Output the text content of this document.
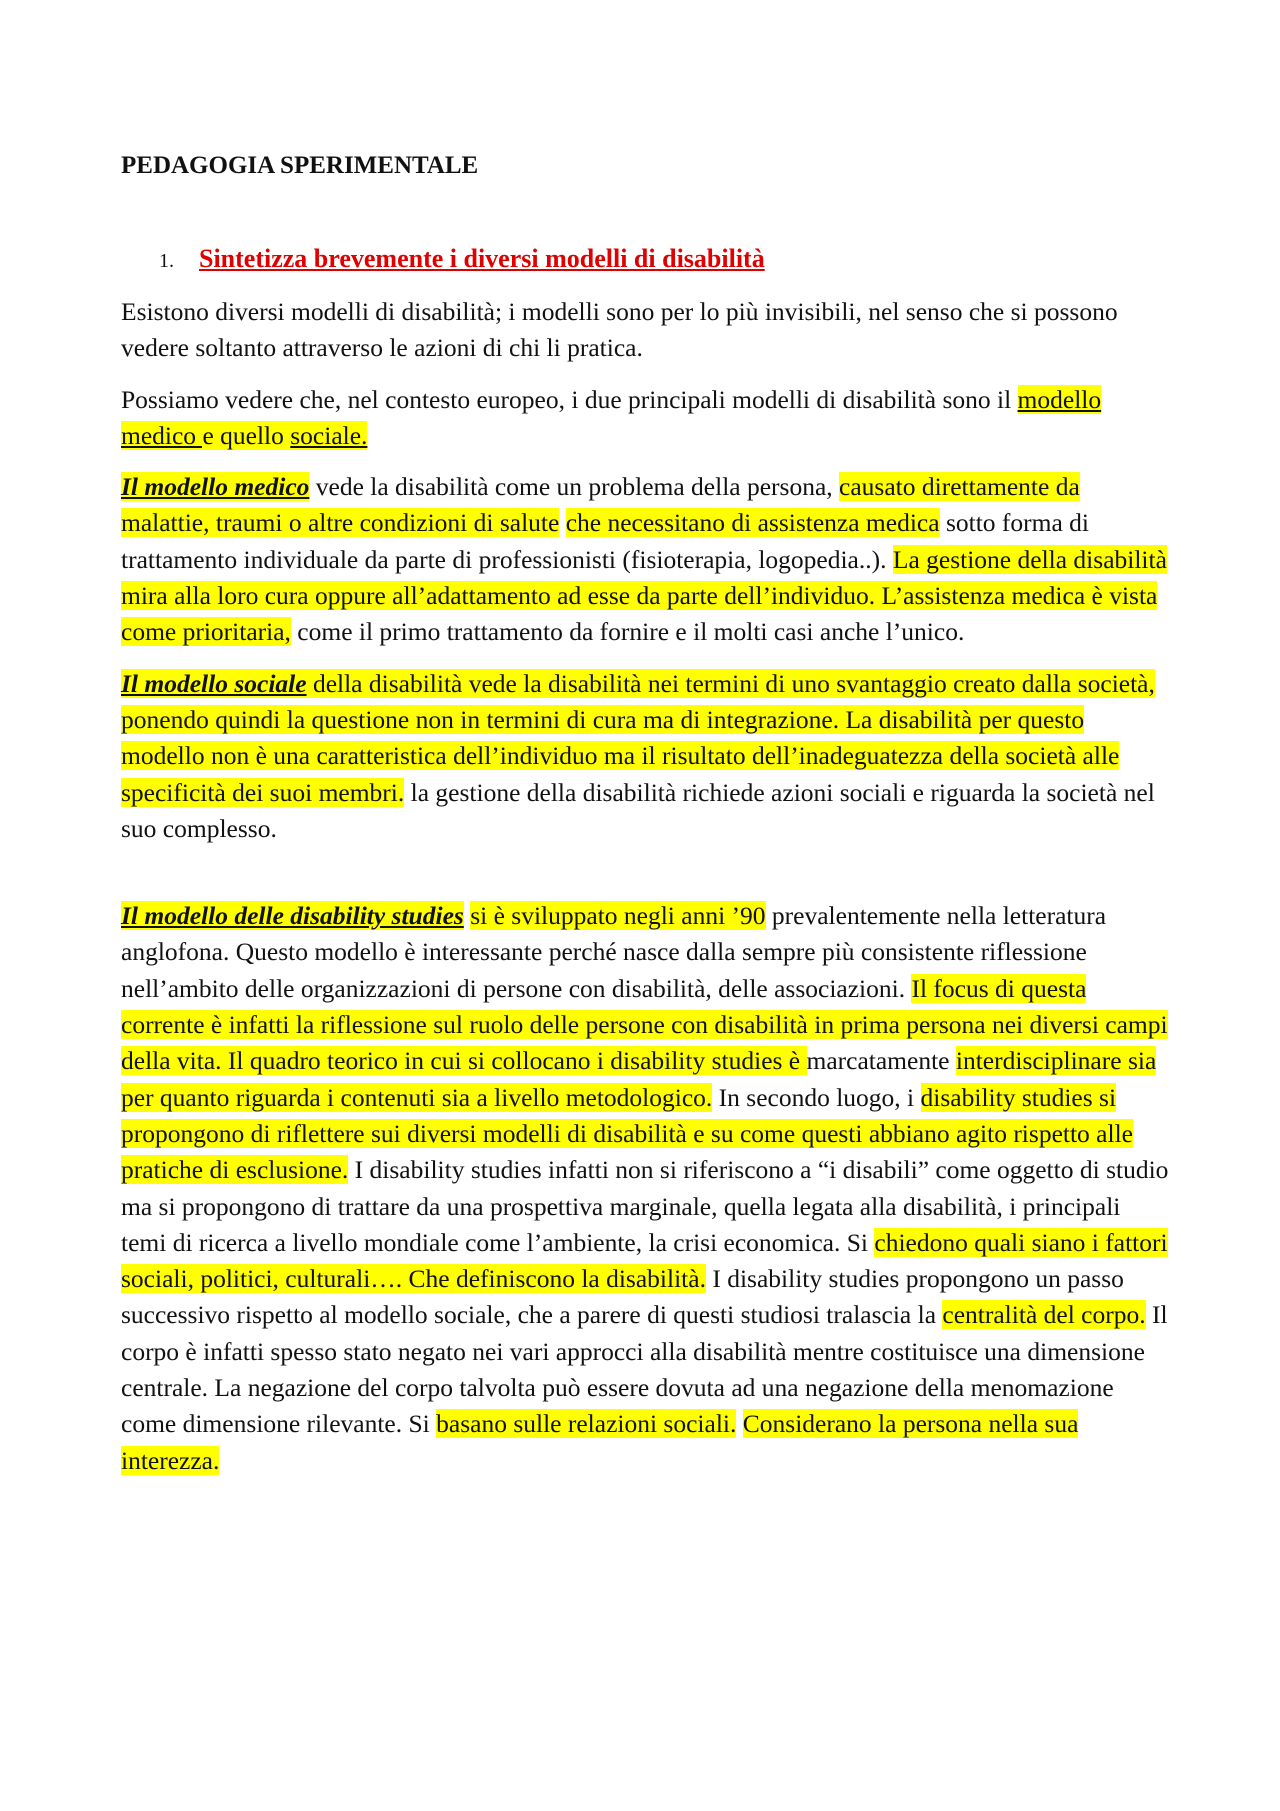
PEDAGOGIA SPERIMENTALE
1. Sintetizza brevemente i diversi modelli di disabilità

Esistono diversi modelli di disabilità; i modelli sono per lo più invisibili, nel senso che si possono vedere soltanto attraverso le azioni di chi li pratica.

Possiamo vedere che, nel contesto europeo, i due principali modelli di disabilità sono il modello medico e quello sociale.

Il modello medico vede la disabilità come un problema della persona, causato direttamente da malattie, traumi o altre condizioni di salute che necessitano di assistenza medica sotto forma di trattamento individuale da parte di professionisti (fisioterapia, logopedia..). La gestione della disabilità mira alla loro cura oppure all’adattamento ad esse da parte dell’individuo. L’assistenza medica è vista come prioritaria, come il primo trattamento da fornire e il molti casi anche l’unico.

Il modello sociale della disabilità vede la disabilità nei termini di uno svantaggio creato dalla società, ponendo quindi la questione non in termini di cura ma di integrazione. La disabilità per questo modello non è una caratteristica dell’individuo ma il risultato dell’inadeguatezza della società alle specificità dei suoi membri. la gestione della disabilità richiede azioni sociali e riguarda la società nel suo complesso.

Il modello delle disability studies si è sviluppato negli anni ’90 prevalentemente nella letteratura anglofona. Questo modello è interessante perché nasce dalla sempre più consistente riflessione nell’ambito delle organizzazioni di persone con disabilità, delle associazioni. Il focus di questa corrente è infatti la riflessione sul ruolo delle persone con disabilità in prima persona nei diversi campi della vita. Il quadro teorico in cui si collocano i disability studies è marcatamente interdisciplinare sia per quanto riguarda i contenuti sia a livello metodologico. In secondo luogo, i disability studies si propongono di riflettere sui diversi modelli di disabilità e su come questi abbiano agito rispetto alle pratiche di esclusione. I disability studies infatti non si riferiscono a “i disabili” come oggetto di studio ma si propongono di trattare da una prospettiva marginale, quella legata alla disabilità, i principali temi di ricerca a livello mondiale come l’ambiente, la crisi economica. Si chiedono quali siano i fattori sociali, politici, culturali…. Che definiscono la disabilità. I disability studies propongono un passo successivo rispetto al modello sociale, che a parere di questi studiosi tralascia la centralità del corpo. Il corpo è infatti spesso stato negato nei vari approcci alla disabilità mentre costituisce una dimensione centrale. La negazione del corpo talvolta può essere dovuta ad una negazione della menomazione come dimensione rilevante. Si basano sulle relazioni sociali. Considerano la persona nella sua interezza.
